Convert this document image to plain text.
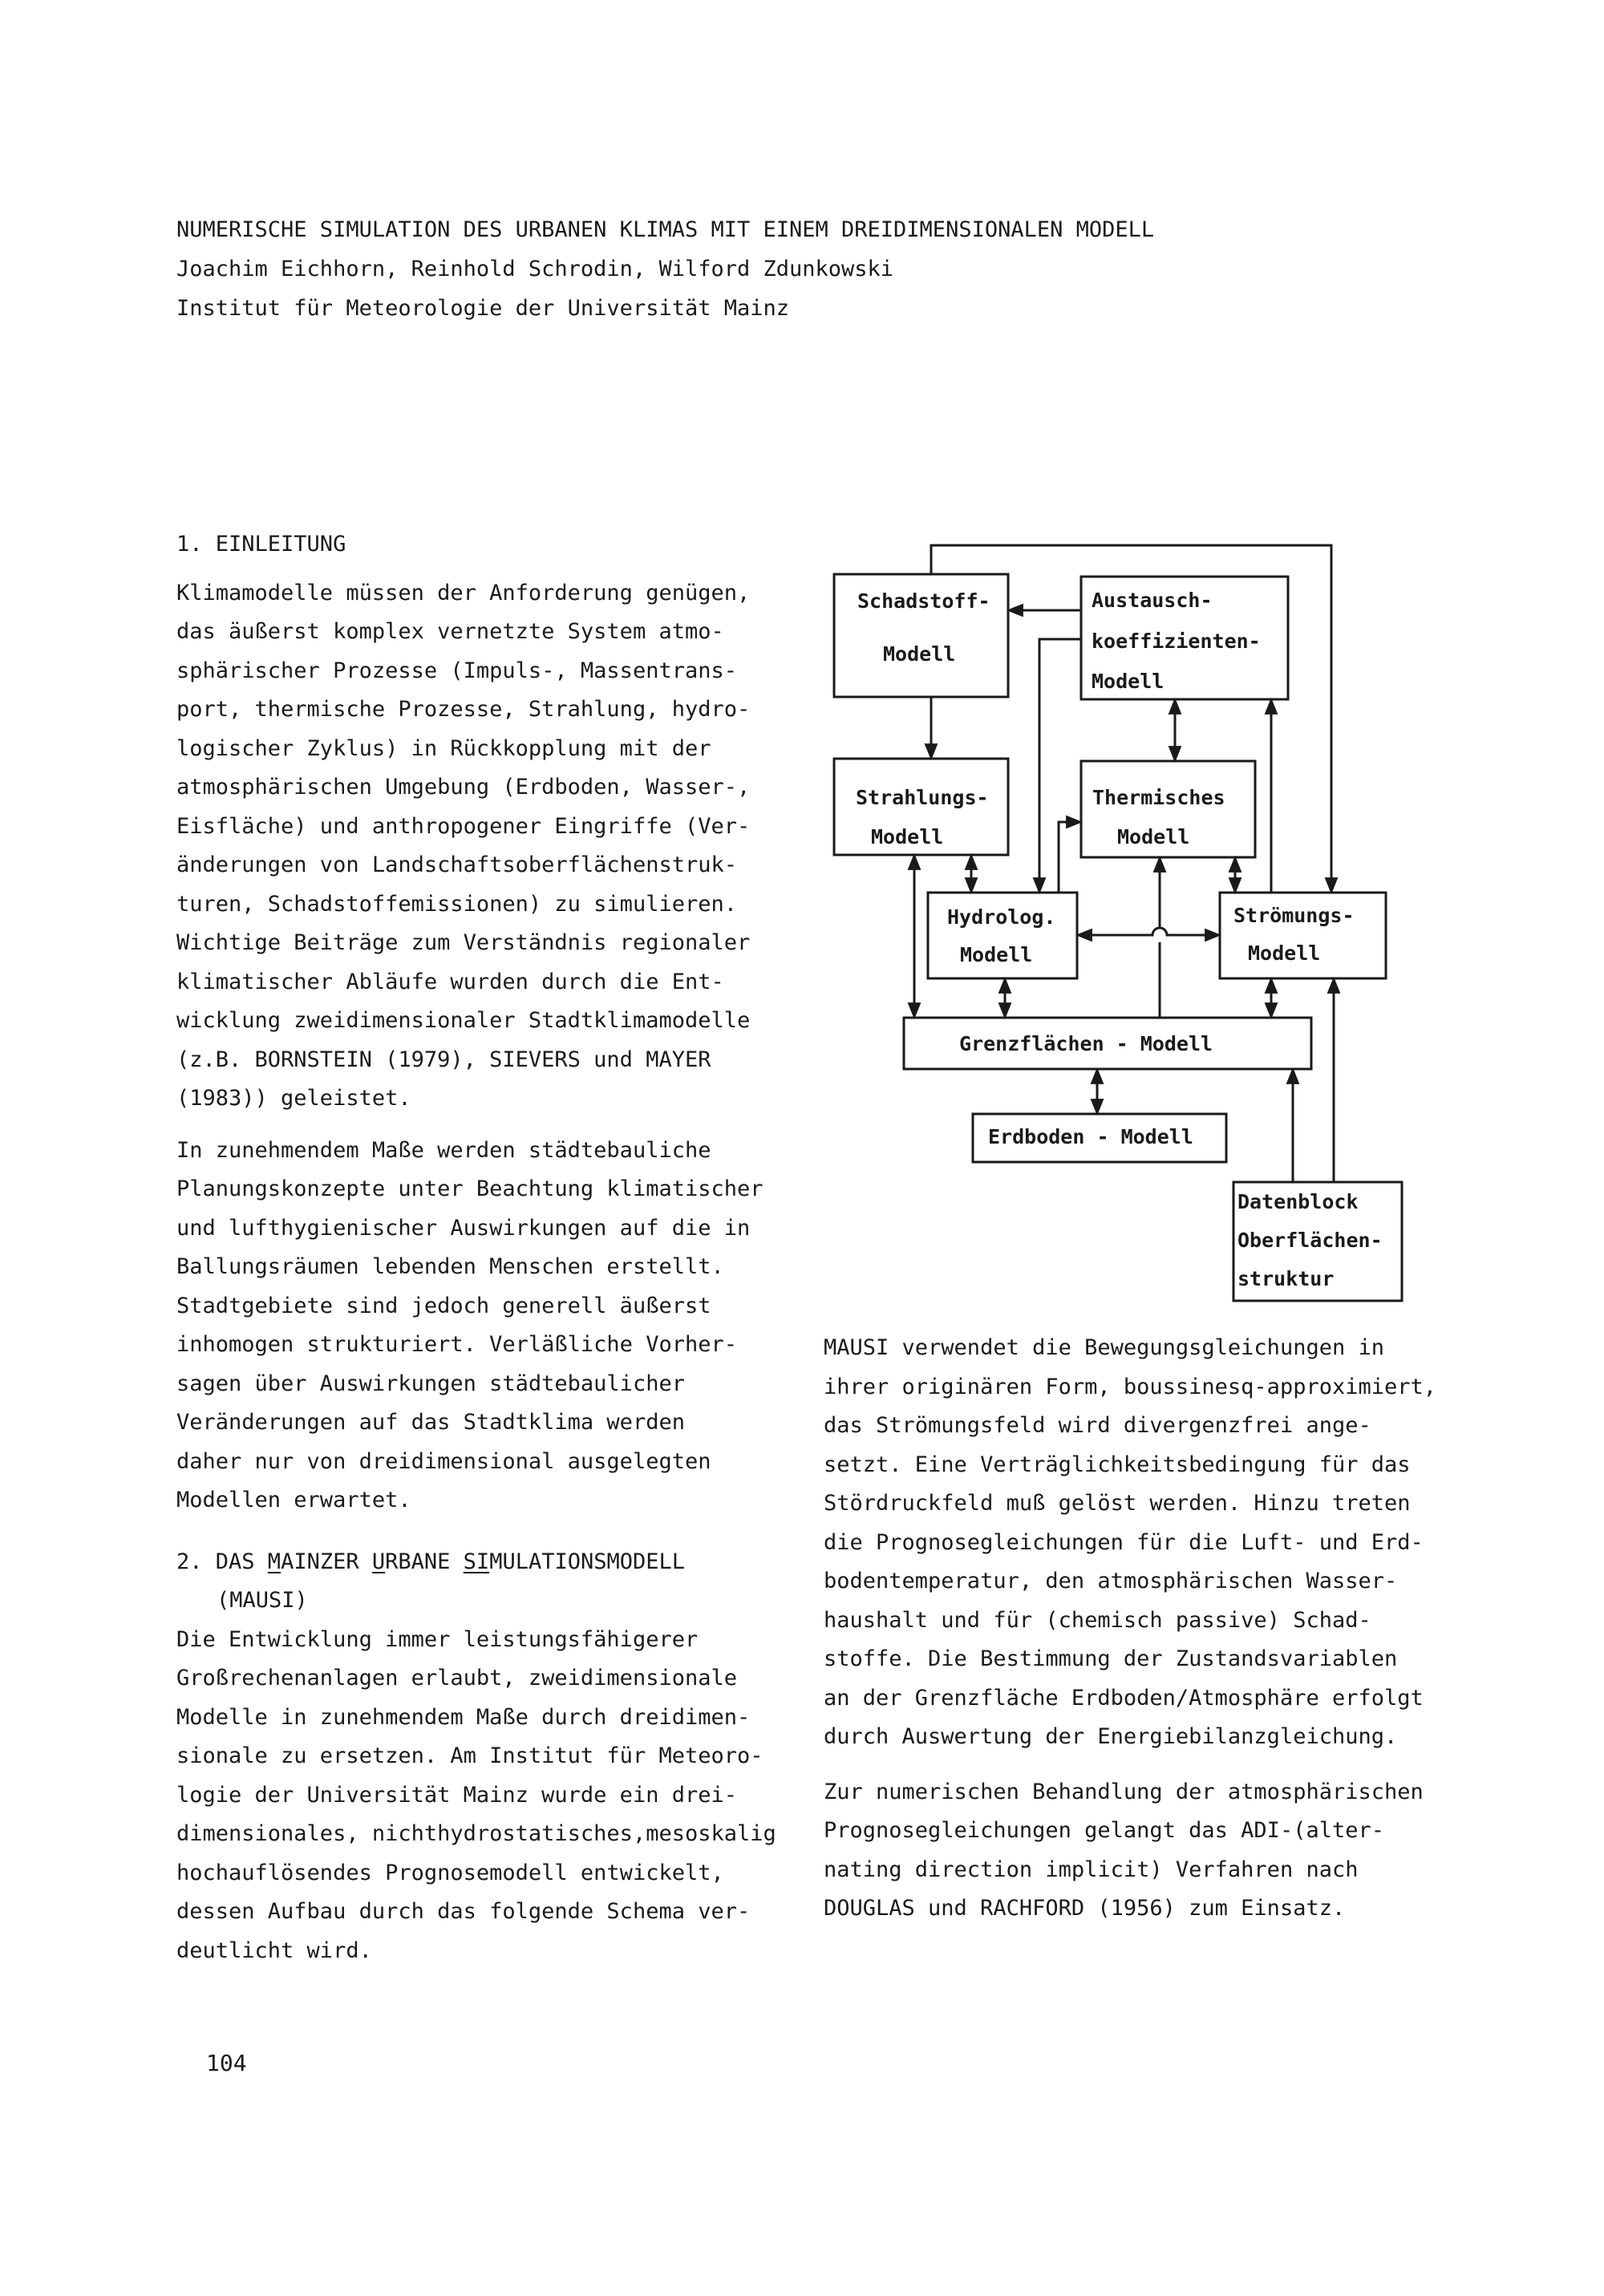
NUMERISCHE SIMULATION DES URBANEN KLIMAS MIT EINEM DREIDIMENSIONALEN MODELL
Joachim Eichhorn, Reinhold Schrodin, Wilford Zdunkowski
Institut für Meteorologie der Universität Mainz
1. EINLEITUNG

Klimamodelle müssen der Anforderung genügen,
das äußerst komplex vernetzte System atmo-
sphärischer Prozesse (Impuls-, Massentrans-
port, thermische Prozesse, Strahlung, hydro-
logischer Zyklus) in Rückkopplung mit der
atmosphärischen Umgebung (Erdboden, Wasser-,
Eisfläche) und anthropogener Eingriffe (Ver-
änderungen von Landschaftsoberflächenstruk-
turen, Schadstoffemissionen) zu simulieren.
Wichtige Beiträge zum Verständnis regionaler
klimatischer Abläufe wurden durch die Ent-
wicklung zweidimensionaler Stadtklimamodelle
(z.B. BORNSTEIN (1979), SIEVERS und MAYER
(1983)) geleistet.

In zunehmendem Maße werden städtebauliche
Planungskonzepte unter Beachtung klimatischer
und lufthygienischer Auswirkungen auf die in
Ballungsräumen lebenden Menschen erstellt.
Stadtgebiete sind jedoch generell äußerst
inhomogen strukturiert. Verläßliche Vorher-
sagen über Auswirkungen städtebaulicher
Veränderungen auf das Stadtklima werden
daher nur von dreidimensional ausgelegten
Modellen erwartet.

2. DAS MAINZER URBANE SIMULATIONSMODELL
(MAUSI)

Die Entwicklung immer leistungsfähigerer
Großrechenanlagen erlaubt, zweidimensionale
Modelle in zunehmendem Maße durch dreidimen-
sionale zu ersetzen. Am Institut für Meteoro-
logie der Universität Mainz wurde ein drei-
dimensionales, nichthydrostatisches,mesoskalig
hochauflösendes Prognosemodell entwickelt,
dessen Aufbau durch das folgende Schema ver-
deutlicht wird.

MAUSI verwendet die Bewegungsgleichungen in
ihrer originären Form, boussinesq-approximiert,
das Strömungsfeld wird divergenzfrei ange-
setzt. Eine Verträglichkeitsbedingung für das
Stördruckfeld muß gelöst werden. Hinzu treten
die Prognosegleichungen für die Luft- und Erd-
bodentemperatur, den atmosphärischen Wasser-
haushalt und für (chemisch passive) Schad-
stoffe. Die Bestimmung der Zustandsvariablen
an der Grenzfläche Erdboden/Atmosphäre erfolgt
durch Auswertung der Energiebilanzgleichung.

Zur numerischen Behandlung der atmosphärischen
Prognosegleichungen gelangt das ADI-(alter-
nating direction implicit) Verfahren nach
DOUGLAS und RACHFORD (1956) zum Einsatz.

Schadstoff-
Modell
Austausch-
koeffizienten-
Modell
Strahlungs-
Modell
Thermisches
Modell
Hydrolog.
Modell
Strömungs-
Modell
Grenzflächen - Modell
Erdboden - Modell
Datenblock
Oberflächen-
struktur
104
